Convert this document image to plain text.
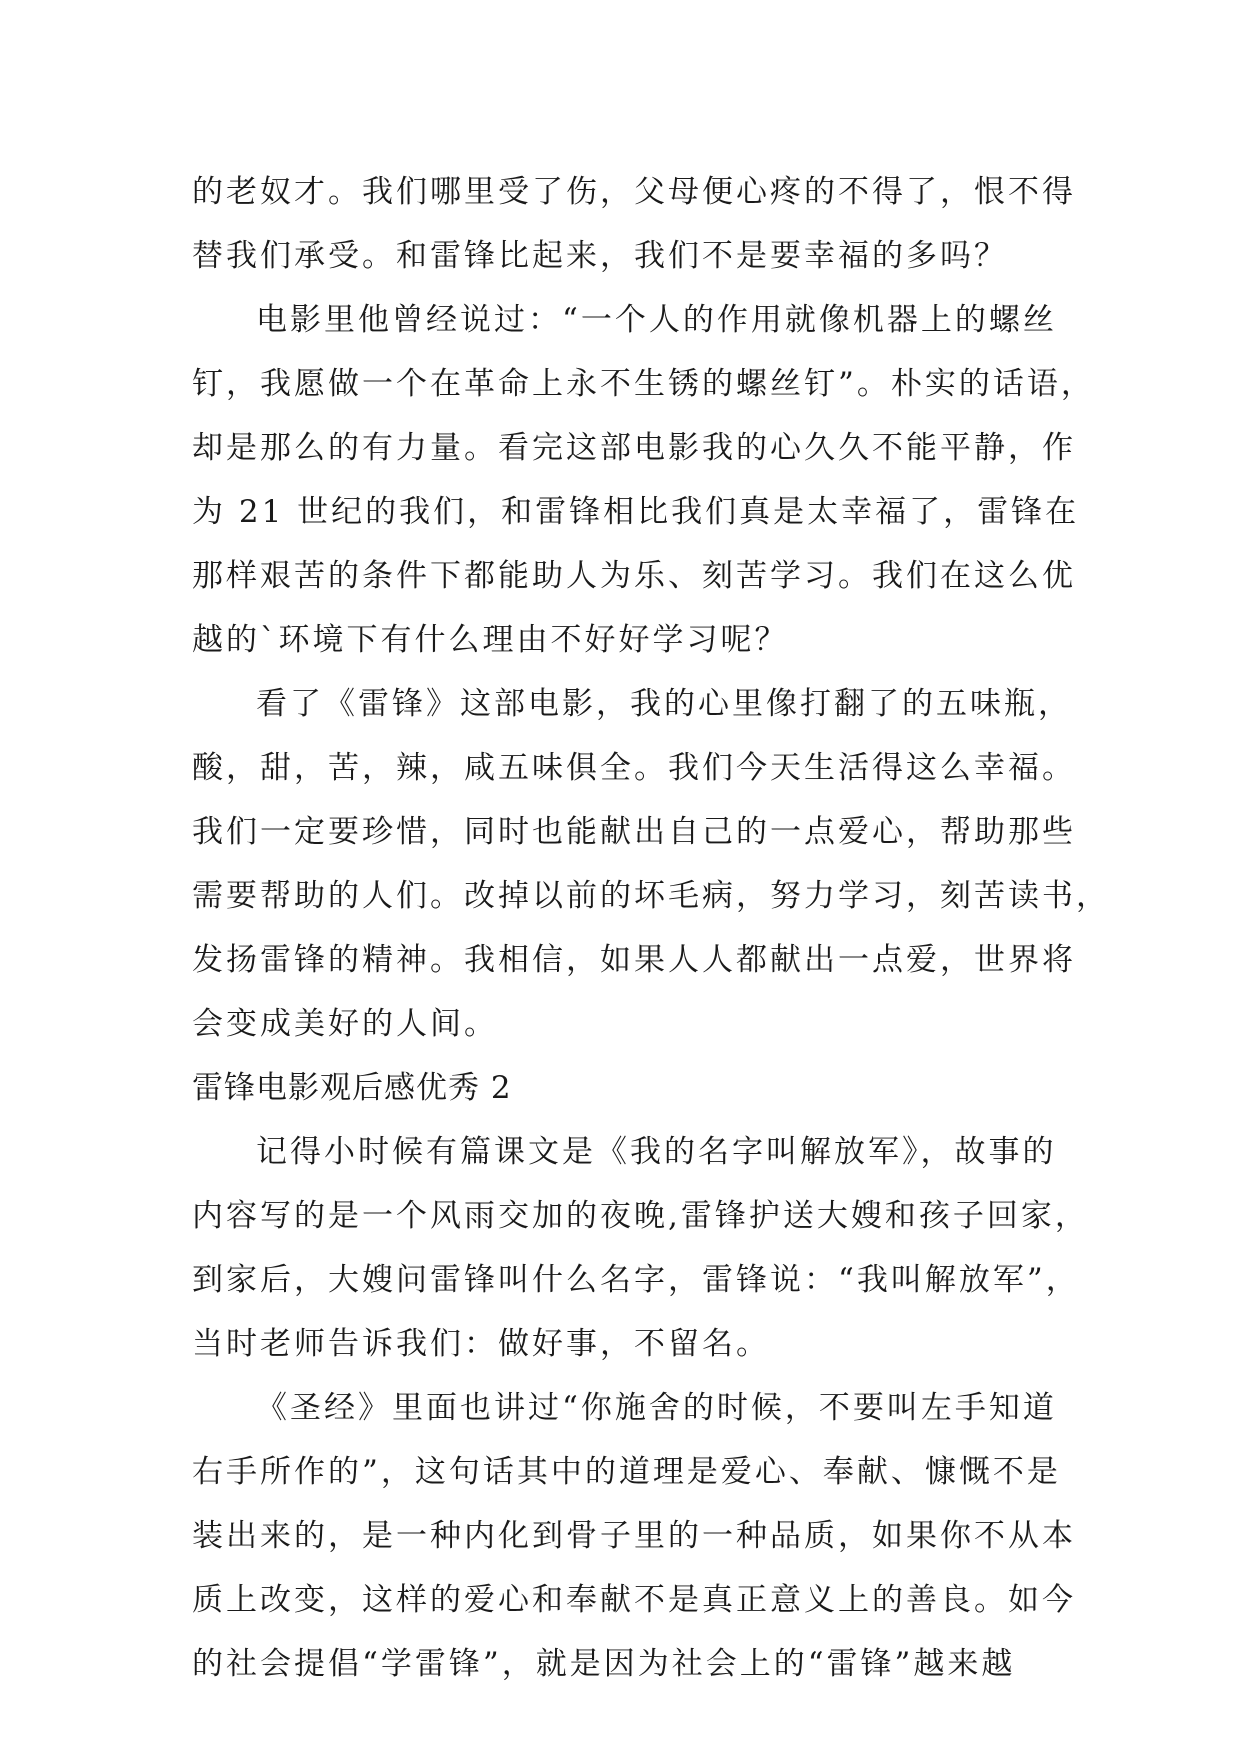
的老奴才。我们哪里受了伤，父母便心疼的不得了，恨不得
替我们承受。和雷锋比起来，我们不是要幸福的多吗？
电影里他曾经说过：“一个人的作用就像机器上的螺丝
钉，我愿做一个在革命上永不生锈的螺丝钉”。朴实的话语，
却是那么的有力量。看完这部电影我的心久久不能平静，作
为 21 世纪的我们，和雷锋相比我们真是太幸福了，雷锋在
那样艰苦的条件下都能助人为乐、刻苦学习。我们在这么优
越的`环境下有什么理由不好好学习呢？
看了《雷锋》这部电影，我的心里像打翻了的五味瓶，
酸，甜，苦，辣，咸五味俱全。我们今天生活得这么幸福。
我们一定要珍惜，同时也能献出自己的一点爱心，帮助那些
需要帮助的人们。改掉以前的坏毛病，努力学习，刻苦读书，
发扬雷锋的精神。我相信，如果人人都献出一点爱，世界将
会变成美好的人间。
雷锋电影观后感优秀 2
记得小时候有篇课文是《我的名字叫解放军》，故事的
内容写的是一个风雨交加的夜晚,雷锋护送大嫂和孩子回家，
到家后，大嫂问雷锋叫什么名字，雷锋说：“我叫解放军”，
当时老师告诉我们：做好事，不留名。
《圣经》里面也讲过“你施舍的时候，不要叫左手知道
右手所作的”，这句话其中的道理是爱心、奉献、慷慨不是
装出来的，是一种内化到骨子里的一种品质，如果你不从本
质上改变，这样的爱心和奉献不是真正意义上的善良。如今
的社会提倡“学雷锋”，就是因为社会上的“雷锋”越来越
